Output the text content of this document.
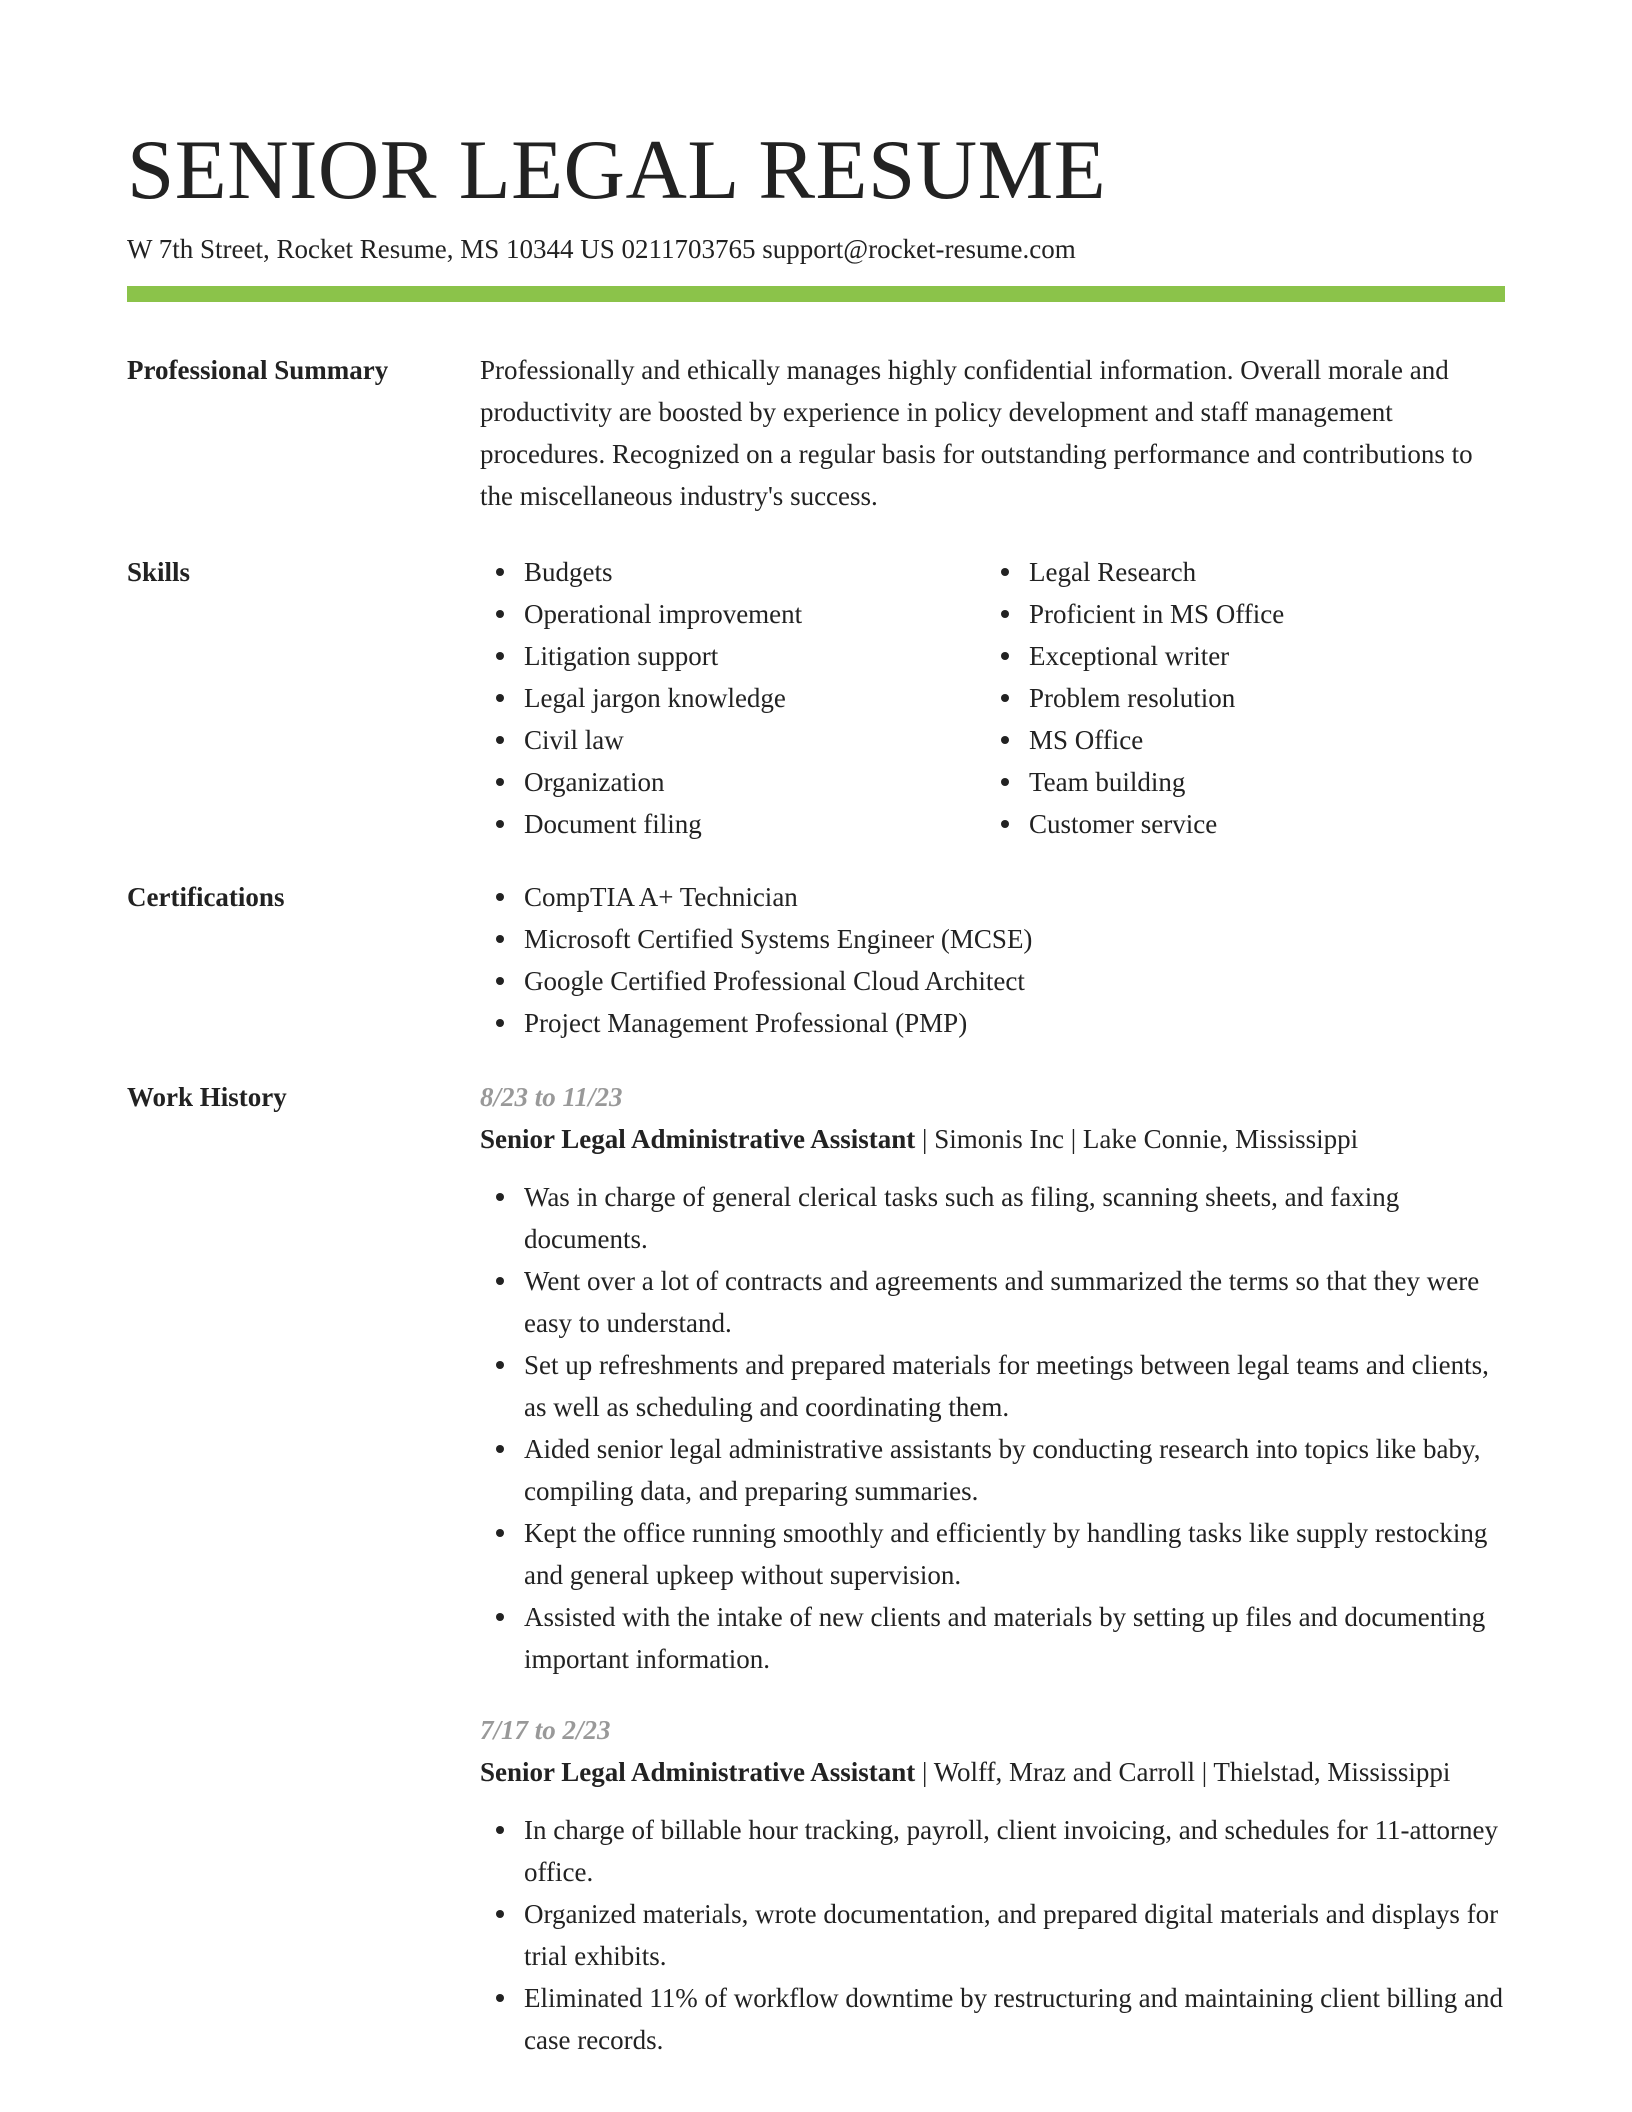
SENIOR LEGAL RESUME
W 7th Street, Rocket Resume, MS 10344 US 0211703765 support@rocket-resume.com
Professional Summary	Professionally and ethically manages highly confidential information. Overall morale and productivity are boosted by experience in policy development and staff management procedures. Recognized on a regular basis for outstanding performance and contributions to the miscellaneous industry's success.

Skills	Budgets
Operational improvement
Litigation support
Legal jargon knowledge
Civil law
Organization
Document filing
Legal Research
Proficient in MS Office
Exceptional writer
Problem resolution
MS Office
Team building
Customer service
Certifications	CompTIA A+ Technician
Microsoft Certified Systems Engineer (MCSE)
Google Certified Professional Cloud Architect
Project Management Professional (PMP)
Work History	8/23 to 11/23
Senior Legal Administrative Assistant | Simonis Inc | Lake Connie, Mississippi
Was in charge of general clerical tasks such as filing, scanning sheets, and faxing documents.
Went over a lot of contracts and agreements and summarized the terms so that they were easy to understand.
Set up refreshments and prepared materials for meetings between legal teams and clients, as well as scheduling and coordinating them.
Aided senior legal administrative assistants by conducting research into topics like baby, compiling data, and preparing summaries.
Kept the office running smoothly and efficiently by handling tasks like supply restocking and general upkeep without supervision.
Assisted with the intake of new clients and materials by setting up files and documenting important information.
7/17 to 2/23
Senior Legal Administrative Assistant | Wolff, Mraz and Carroll | Thielstad, Mississippi
In charge of billable hour tracking, payroll, client invoicing, and schedules for 11-attorney office.
Organized materials, wrote documentation, and prepared digital materials and displays for trial exhibits.
Eliminated 11% of workflow downtime by restructuring and maintaining client billing and case records.
